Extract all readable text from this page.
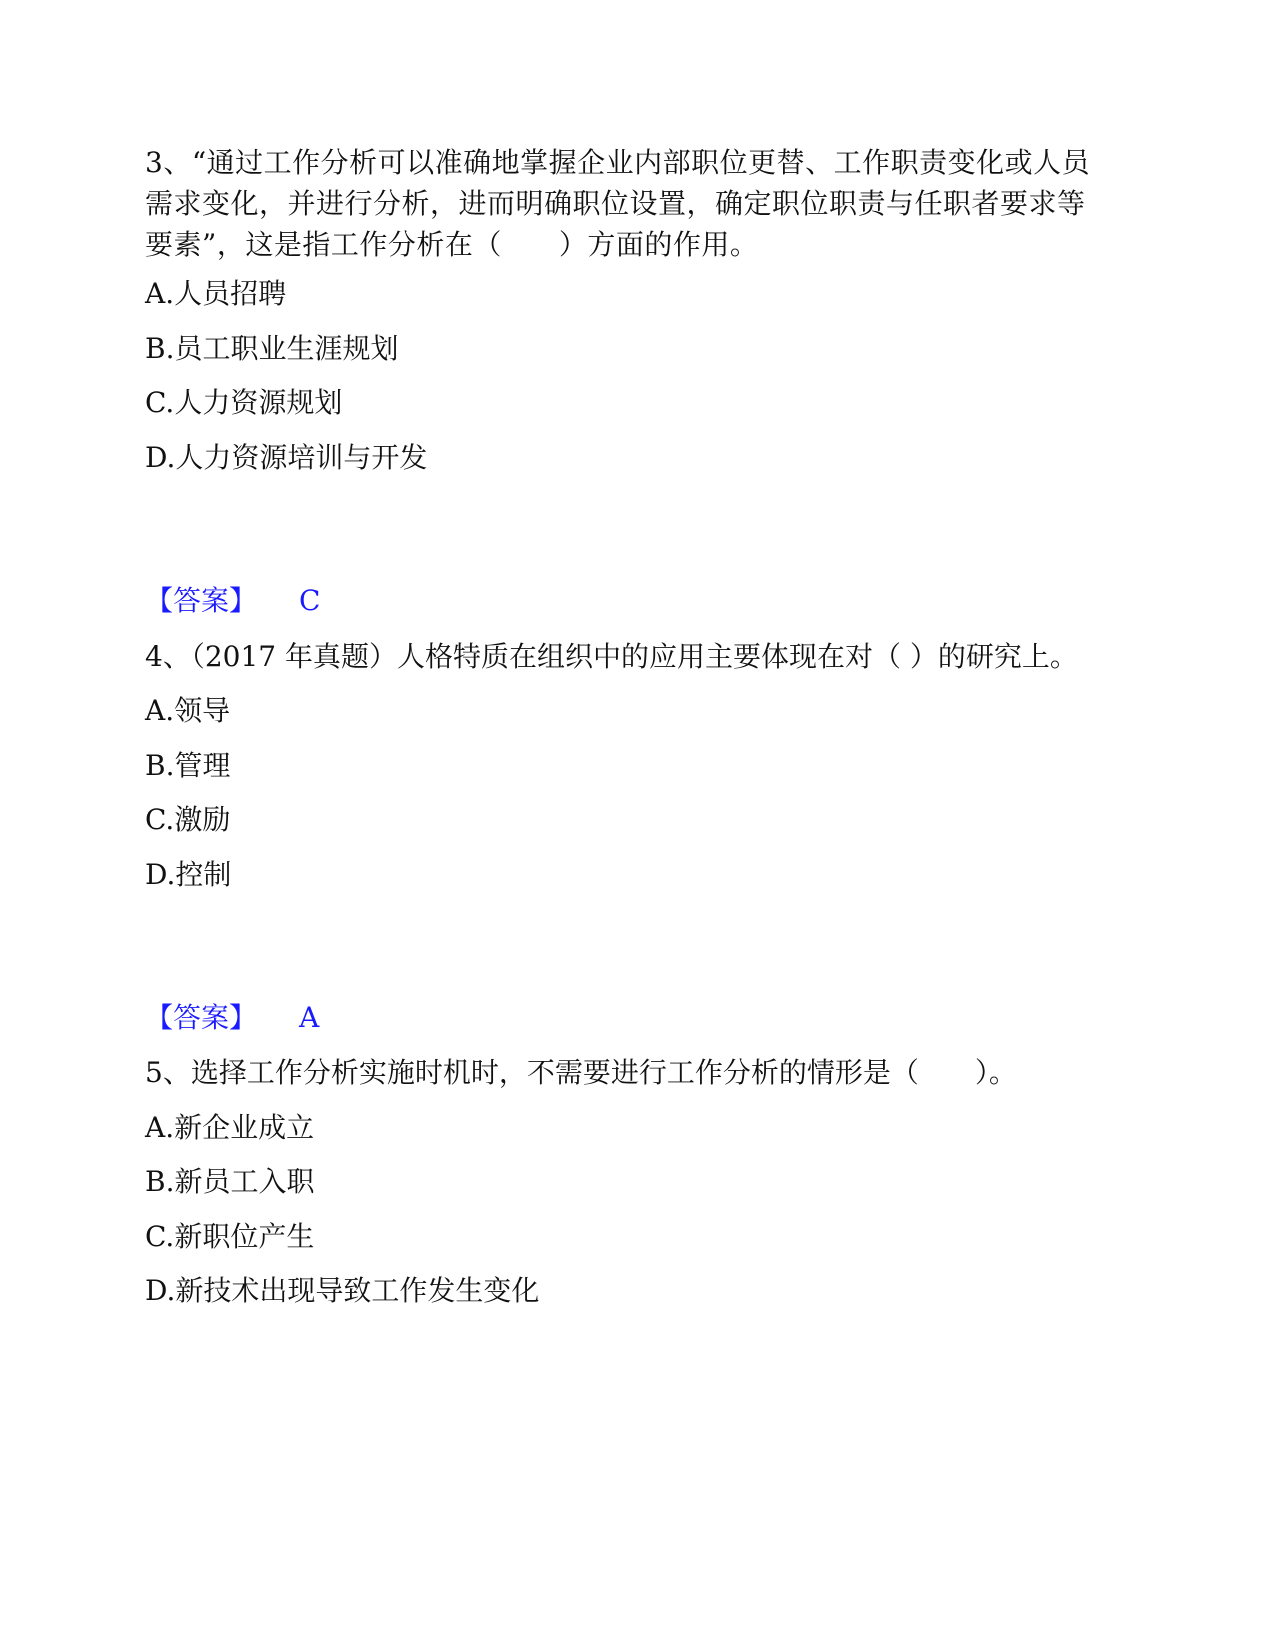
3、“通过工作分析可以准确地掌握企业内部职位更替、工作职责变化或人员需求变化，并进行分析，进而明确职位设置，确定职位职责与任职者要求等要素”，这是指工作分析在（　　）方面的作用。

A.人员招聘

B.员工职业生涯规划

C.人力资源规划

D.人力资源培训与开发

【答案】 C

4、（2017 年真题）人格特质在组织中的应用主要体现在对（ ）的研究上。

A.领导

B.管理

C.激励

D.控制

【答案】 A

5、选择工作分析实施时机时，不需要进行工作分析的情形是（　　）。

A.新企业成立

B.新员工入职

C.新职位产生

D.新技术出现导致工作发生变化
